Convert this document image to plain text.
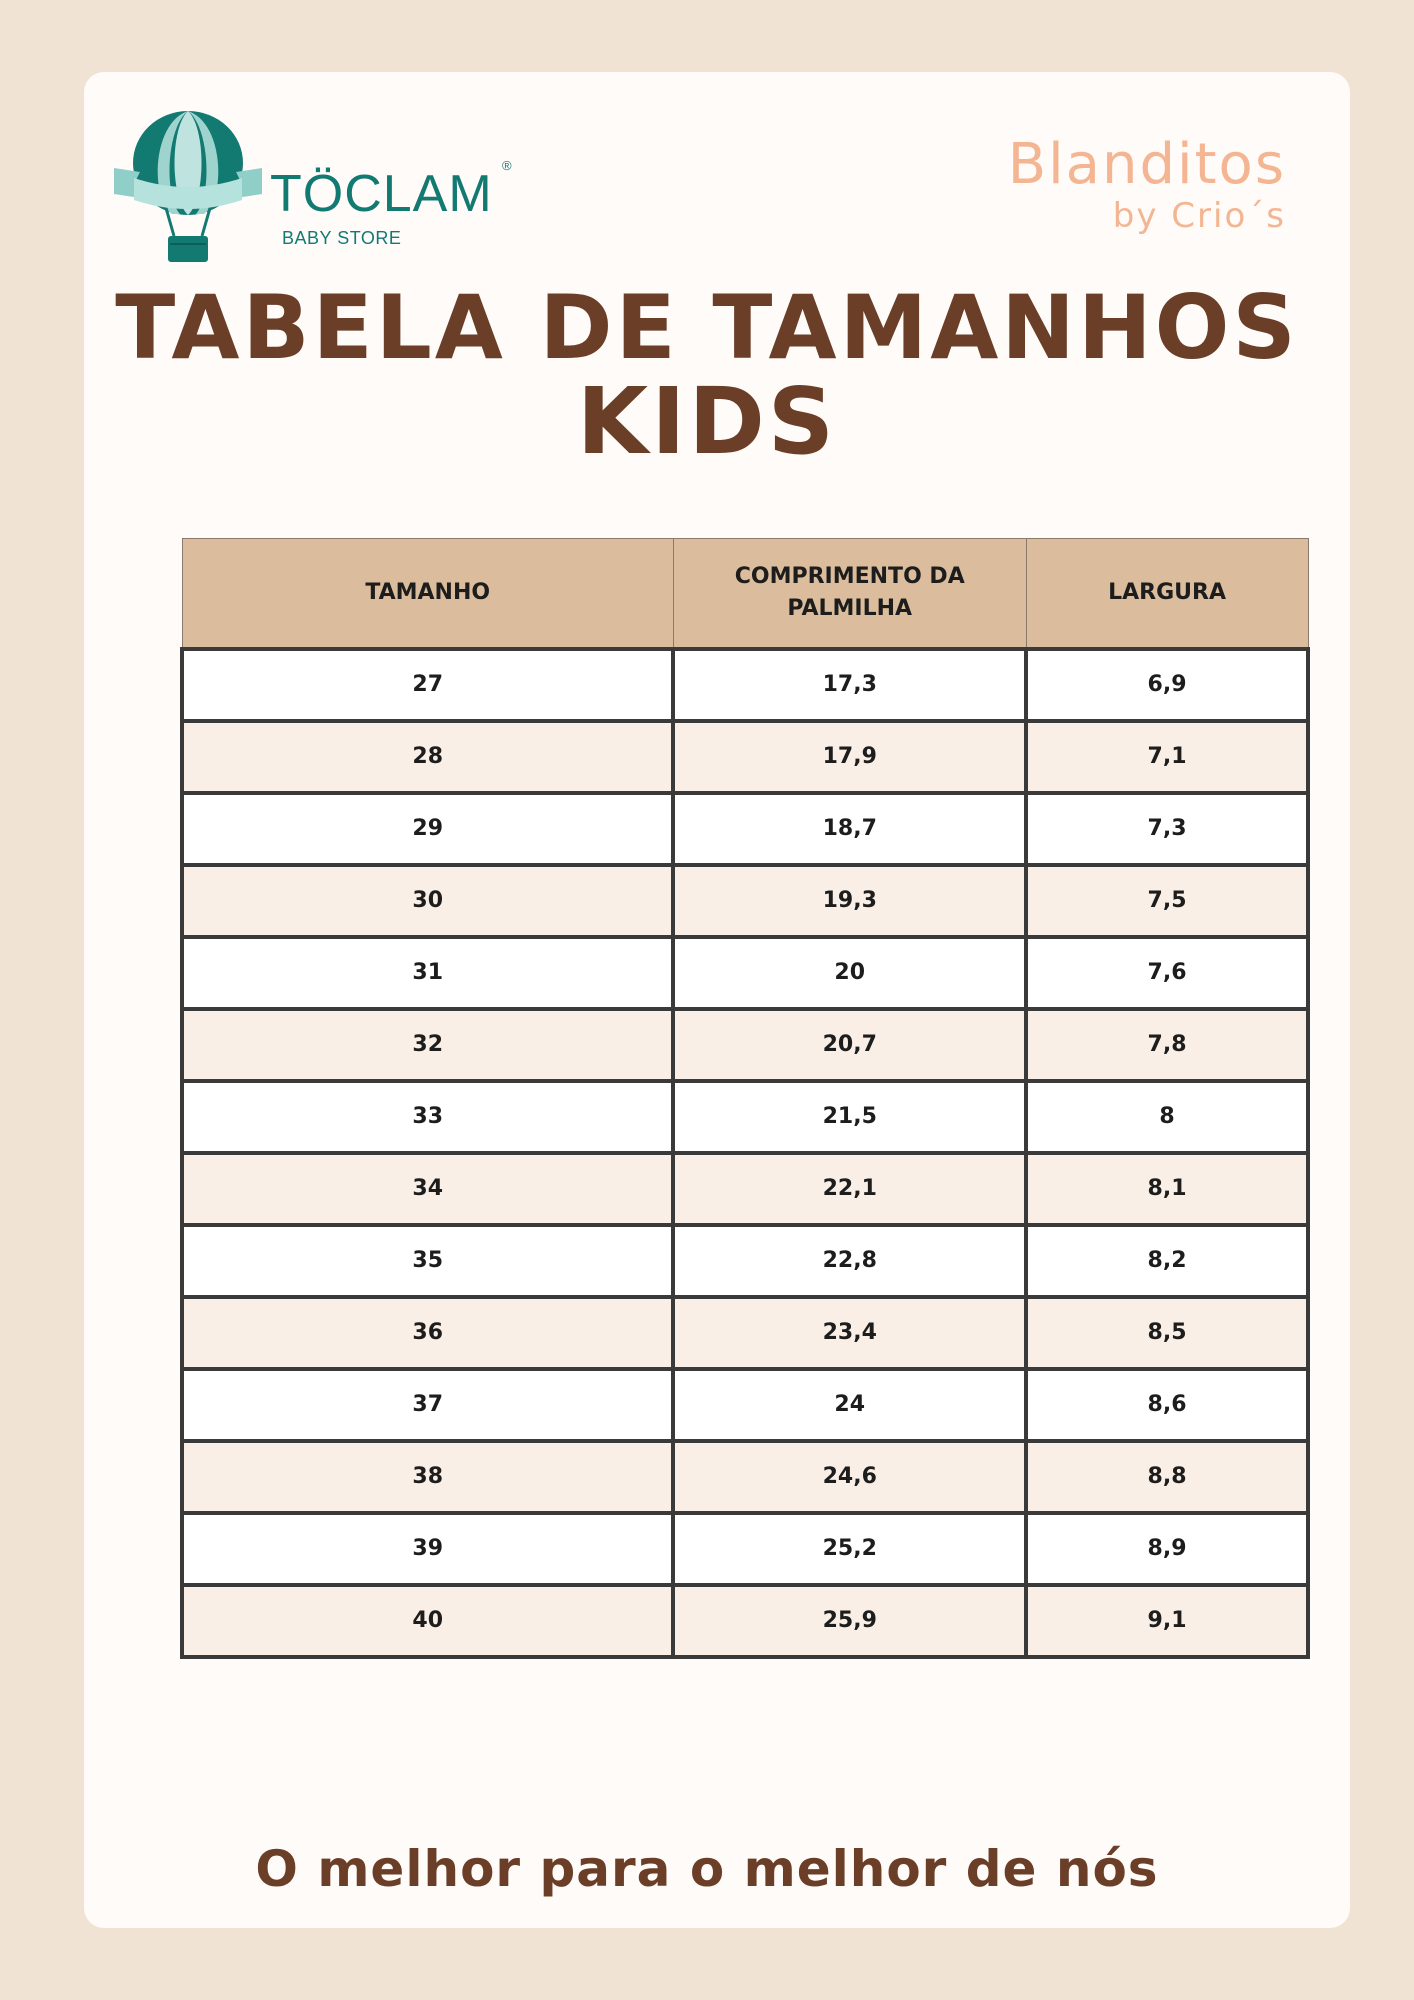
TÖCLAM ®
BABY STORE
Blanditos
by Crio´s
TABELA DE TAMANHOS
KIDS
TAMANHO	COMPRIMENTO DA PALMILHA	LARGURA
27	17,3	6,9
28	17,9	7,1
29	18,7	7,3
30	19,3	7,5
31	20	7,6
32	20,7	7,8
33	21,5	8
34	22,1	8,1
35	22,8	8,2
36	23,4	8,5
37	24	8,6
38	24,6	8,8
39	25,2	8,9
40	25,9	9,1
O melhor para o melhor de nós
